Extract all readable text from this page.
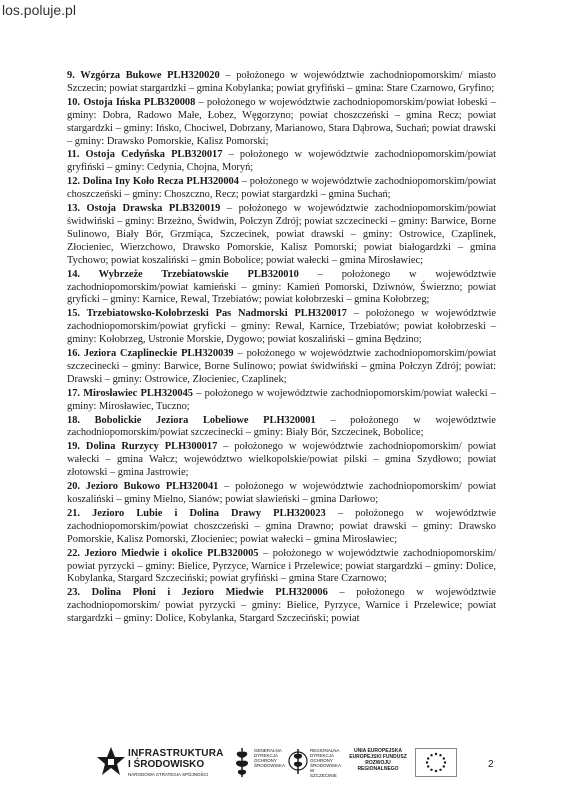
los.poluje.pl

9. Wzgórza Bukowe PLH320020 – położonego w województwie zachodniopomorskim/ miasto Szczecin; powiat stargardzki – gmina Kobylanka; powiat gryfiński – gmina: Stare Czarnowo, Gryfino;

10. Ostoja Ińska PLB320008 – położonego w województwie zachodniopomorskim/powiat łobeski – gminy: Dobra, Radowo Małe, Łobez, Węgorzyno; powiat choszczeński – gmina Recz; powiat stargardzki – gminy: Ińsko, Chociwel, Dobrzany, Marianowo, Stara Dąbrowa, Suchań; powiat drawski – gminy: Drawsko Pomorskie, Kalisz Pomorski;

11. Ostoja Cedyńska PLB320017 – położonego w województwie zachodniopomorskim/powiat gryfiński – gminy: Cedynia, Chojna, Moryń;

12. Dolina Iny Koło Recza PLH320004 – położonego w województwie zachodniopomorskim/powiat choszczeński – gminy: Choszczno, Recz; powiat stargardzki – gmina Suchań;

13. Ostoja Drawska PLB320019 – położonego w województwie zachodniopomorskim/powiat świdwiński – gminy: Brzeżno, Świdwin, Połczyn Zdrój; powiat szczecinecki – gminy: Barwice, Borne Sulinowo, Biały Bór, Grzmiąca, Szczecinek, powiat drawski – gminy: Ostrowice, Czaplinek, Złocieniec, Wierzchowo, Drawsko Pomorskie, Kalisz Pomorski; powiat białogardzki – gmina Tychowo; powiat koszaliński – gmin Bobolice; powiat wałecki – gmina Mirosławiec;

14. Wybrzeże Trzebiatowskie PLB320010 – położonego w województwie zachodniopomorskim/powiat kamieński – gminy: Kamień Pomorski, Dziwnów, Świerzno; powiat gryficki – gminy: Karnice, Rewal, Trzebiatów; powiat kołobrzeski – gmina Kołobrzeg;

15. Trzebiatowsko-Kołobrzeski Pas Nadmorski PLH320017 – położonego w województwie zachodniopomorskim/powiat gryficki – gminy: Rewal, Karnice, Trzebiatów; powiat kołobrzeski – gminy: Kołobrzeg, Ustronie Morskie, Dygowo; powiat koszaliński – gmina Będzino;

16. Jeziora Czaplineckie PLH320039 – położonego w województwie zachodniopomorskim/powiat szczecinecki – gminy: Barwice, Borne Sulinowo; powiat świdwiński – gmina Połczyn Zdrój; powiat: Drawski – gminy: Ostrowice, Złocieniec, Czaplinek;

17. Mirosławiec PLH320045 – położonego w województwie zachodniopomorskim/powiat wałecki – gminy: Mirosławiec, Tuczno;

18. Bobolickie Jeziora Lobeliowe PLH320001 – położonego w województwie zachodniopomorskim/powiat szczecinecki – gminy: Biały Bór, Szczecinek, Bobolice;

19. Dolina Rurzycy PLH300017 – położonego w województwie zachodniopomorskim/ powiat wałecki – gmina Wałcz; województwo wielkopolskie/powiat pilski – gmina Szydłowo; powiat złotowski – gmina Jastrowie;

20. Jezioro Bukowo PLH320041 – położonego w województwie zachodniopomorskim/ powiat koszaliński – gminy Mielno, Sianów; powiat sławieński – gmina Darłowo;

21. Jezioro Lubie i Dolina Drawy PLH320023 – położonego w województwie zachodniopomorskim/powiat choszczeński – gmina Drawno; powiat drawski – gminy: Drawsko Pomorskie, Kalisz Pomorski, Złocieniec; powiat wałecki – gmina Mirosławiec;

22. Jezioro Miedwie i okolice PLB320005 – położonego w województwie zachodniopomorskim/ powiat pyrzycki – gminy: Bielice, Pyrzyce, Warnice i Przelewice; powiat stargardzki – gminy: Dolice, Kobylanka, Stargard Szczeciński; powiat gryfiński – gmina Stare Czarnowo;

23. Dolina Płoni i Jezioro Miedwie PLH320006 – położonego w województwie zachodniopomorskim/ powiat pyrzycki – gminy: Bielice, Pyrzyce, Warnice i Przelewice; powiat stargardzki – gminy: Dolice, Kobylanka, Stargard Szczeciński; powiat

INFRASTRUKTURA
I ŚRODOWISKO
NARODOWA STRATEGIA SPÓJNOŚCI
GENERALNA DYREKCJA OCHRONY ŚRODOWISKA
REGIONALNA DYREKCJA OCHRONY ŚRODOWISKA W SZCZECINIE
UNIA EUROPEJSKA
EUROPEJSKI FUNDUSZ
ROZWOJU REGIONALNEGO	2
